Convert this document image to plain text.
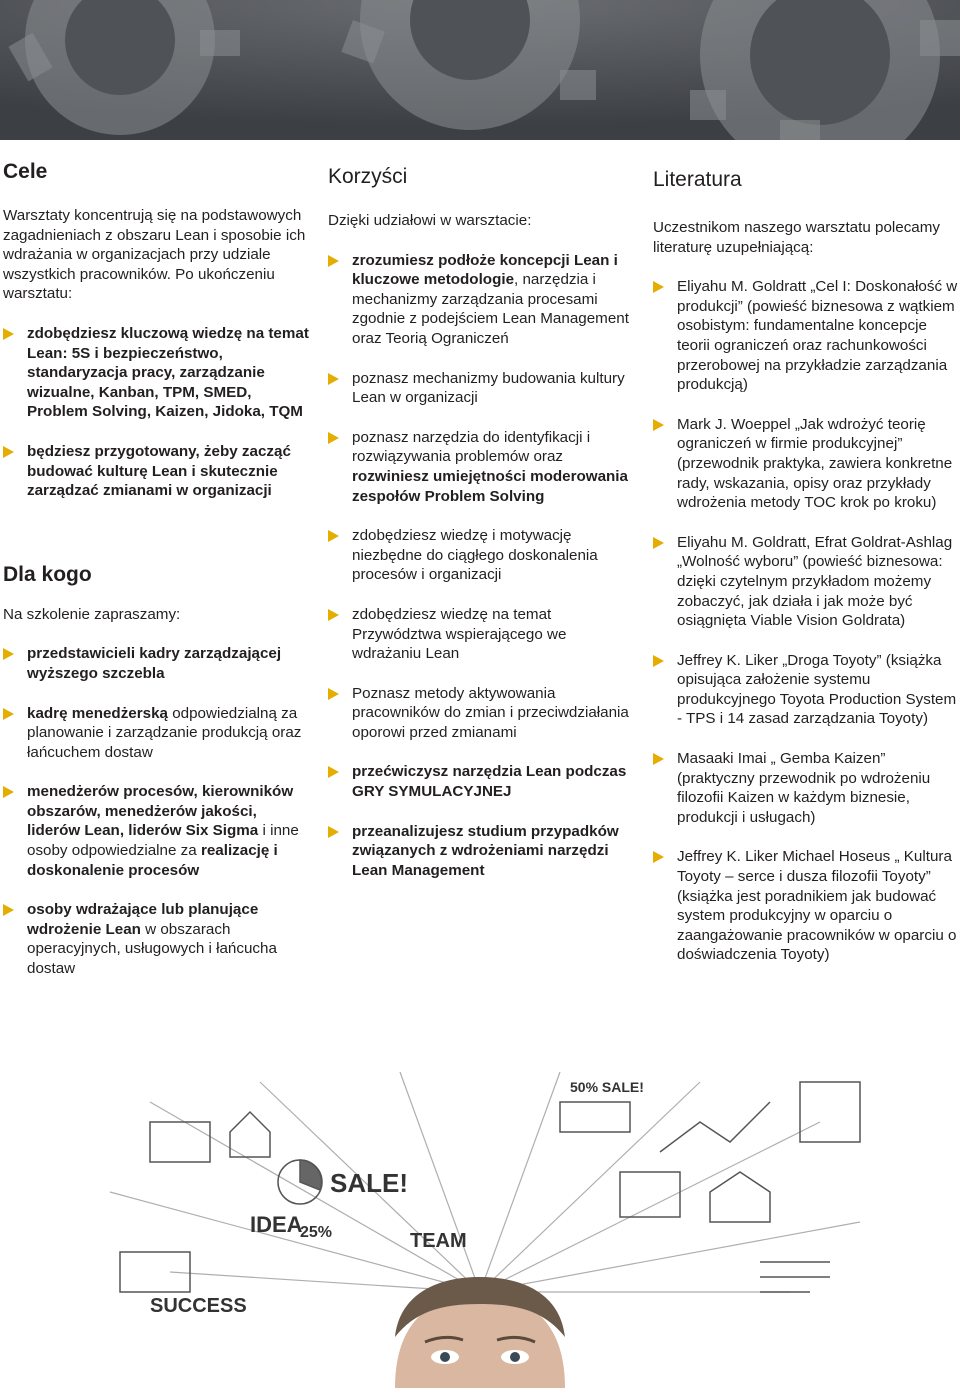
Cele

Warsztaty koncentrują się na podstawowych zagadnieniach z obszaru Lean i sposobie ich wdrażania w organizacjach przy udziale wszystkich pracowników. Po ukończeniu warsztatu:

zdobędziesz kluczową wiedzę na temat Lean: 5S i bezpieczeństwo, standaryzacja pracy, zarządzanie wizualne, Kanban, TPM, SMED, Problem Solving, Kaizen, Jidoka, TQM
będziesz przygotowany, żeby zacząć budować kulturę Lean i skutecznie zarządzać zmianami w organizacji
Dla kogo

Na szkolenie zapraszamy:

przedstawicieli kadry zarządzającej wyższego szczebla
kadrę menedżerską odpowiedzialną za planowanie i zarządzanie produkcją oraz łańcuchem dostaw
menedżerów procesów, kierowników obszarów, menedżerów jakości, liderów Lean, liderów Six Sigma i inne osoby odpowiedzialne za realizację i doskonalenie procesów
osoby wdrażające lub planujące wdrożenie Lean w obszarach operacyjnych, usługowych i łańcucha dostaw
Korzyści

Dzięki udziałowi w warsztacie:

zrozumiesz podłoże koncepcji Lean i kluczowe metodologie, narzędzia i mechanizmy zarządzania procesami zgodnie z podejściem Lean Management oraz Teorią Ograniczeń
poznasz mechanizmy budowania kultury Lean w organizacji
poznasz narzędzia do identyfikacji i rozwiązywania problemów oraz rozwiniesz umiejętności moderowania zespołów Problem Solving
zdobędziesz wiedzę i motywację niezbędne do ciągłego doskonalenia procesów i organizacji
zdobędziesz wiedzę na temat Przywództwa wspierającego we wdrażaniu Lean
Poznasz metody aktywowania pracowników do zmian i przeciwdziałania oporowi przed zmianami
przećwiczysz narzędzia Lean podczas GRY SYMULACYJNEJ
przeanalizujesz studium przypadków związanych z wdrożeniami narzędzi Lean Management
Literatura

Uczestnikom naszego warsztatu polecamy literaturę uzupełniającą:

Eliyahu M. Goldratt „Cel I: Doskonałość w produkcji” (powieść biznesowa z wątkiem osobistym: fundamentalne koncepcje teorii ograniczeń oraz rachunkowości przerobowej na przykładzie zarządzania produkcją)
Mark J. Woeppel „Jak wdrożyć teorię ograniczeń w firmie produkcyjnej” (przewodnik praktyka, zawiera konkretne rady, wskazania, opisy oraz przykłady wdrożenia metody TOC krok po kroku)
Eliyahu M. Goldratt, Efrat Goldrat-Ashlag „Wolność wyboru” (powieść biznesowa: dzięki czytelnym przykładom możemy zobaczyć, jak działa i jak może być osiągnięta Viable Vision Goldrata)
Jeffrey K. Liker „Droga Toyoty” (książka opisująca założenie systemu produkcyjnego Toyota Production System - TPS i 14 zasad zarządzania Toyoty)
Masaaki Imai „ Gemba Kaizen” (praktyczny przewodnik po wdrożeniu filozofii Kaizen w każdym biznesie, produkcji i usługach)
Jeffrey K. Liker Michael Hoseus „ Kultura Toyoty – serce i dusza filozofii Toyoty” (książka jest poradnikiem jak budować system produkcyjny w oparciu o zaangażowanie pracowników w oparciu o doświadczenia Toyoty)
IDEA
TEAM
SUCCESS
SALE!
25%
50% SALE!
